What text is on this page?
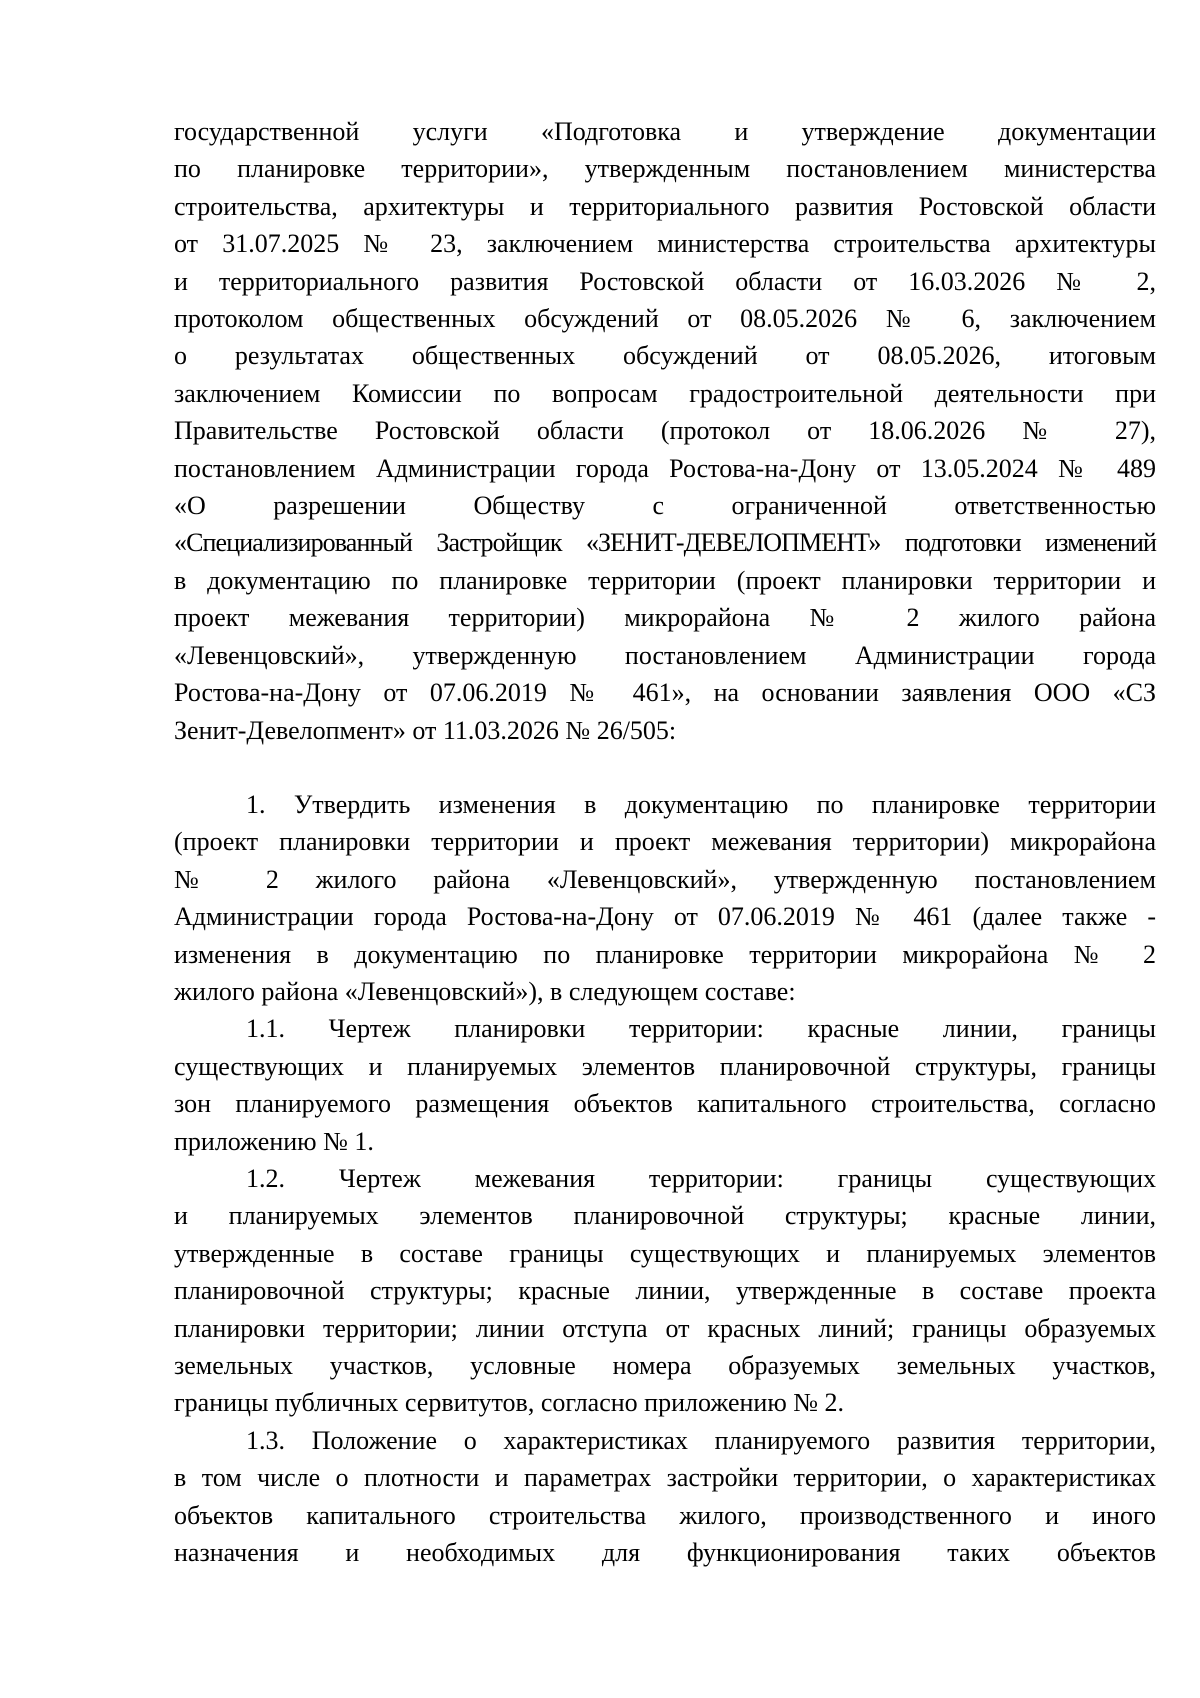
государственной услуги «Подготовка и утверждение документации
по планировке территории», утвержденным постановлением министерства
строительства, архитектуры и территориального развития Ростовской области
от 31.07.2025 № 23, заключением министерства строительства архитектуры
и территориального развития Ростовской области от 16.03.2026 № 2,
протоколом общественных обсуждений от 08.05.2026 № 6, заключением
о результатах общественных обсуждений от 08.05.2026, итоговым
заключением Комиссии по вопросам градостроительной деятельности при
Правительстве Ростовской области (протокол от 18.06.2026 № 27),
постановлением Администрации города Ростова-на-Дону от 13.05.2024 № 489
«О разрешении Обществу с ограниченной ответственностью
«Специализированный Застройщик «ЗЕНИТ-ДЕВЕЛОПМЕНТ» подготовки изменений
в документацию по планировке территории (проект планировки территории и
проект межевания территории) микрорайона № 2 жилого района
«Левенцовский», утвержденную постановлением Администрации города
Ростова-на-Дону от 07.06.2019 № 461», на основании заявления ООО «СЗ
Зенит-Девелопмент» от 11.03.2026 № 26/505:
1. Утвердить изменения в документацию по планировке территории
(проект планировки территории и проект межевания территории) микрорайона
№ 2 жилого района «Левенцовский», утвержденную постановлением
Администрации города Ростова-на-Дону от 07.06.2019 № 461 (далее также -
изменения в документацию по планировке территории микрорайона № 2
жилого района «Левенцовский»), в следующем составе:
1.1. Чертеж планировки территории: красные линии, границы
существующих и планируемых элементов планировочной структуры, границы
зон планируемого размещения объектов капитального строительства, согласно
приложению № 1.
1.2. Чертеж межевания территории: границы существующих
и планируемых элементов планировочной структуры; красные линии,
утвержденные в составе границы существующих и планируемых элементов
планировочной структуры; красные линии, утвержденные в составе проекта
планировки территории; линии отступа от красных линий; границы образуемых
земельных участков, условные номера образуемых земельных участков,
границы публичных сервитутов, согласно приложению № 2.
1.3. Положение о характеристиках планируемого развития территории,
в том числе о плотности и параметрах застройки территории, о характеристиках
объектов капитального строительства жилого, производственного и иного
назначения и необходимых для функционирования таких объектов
